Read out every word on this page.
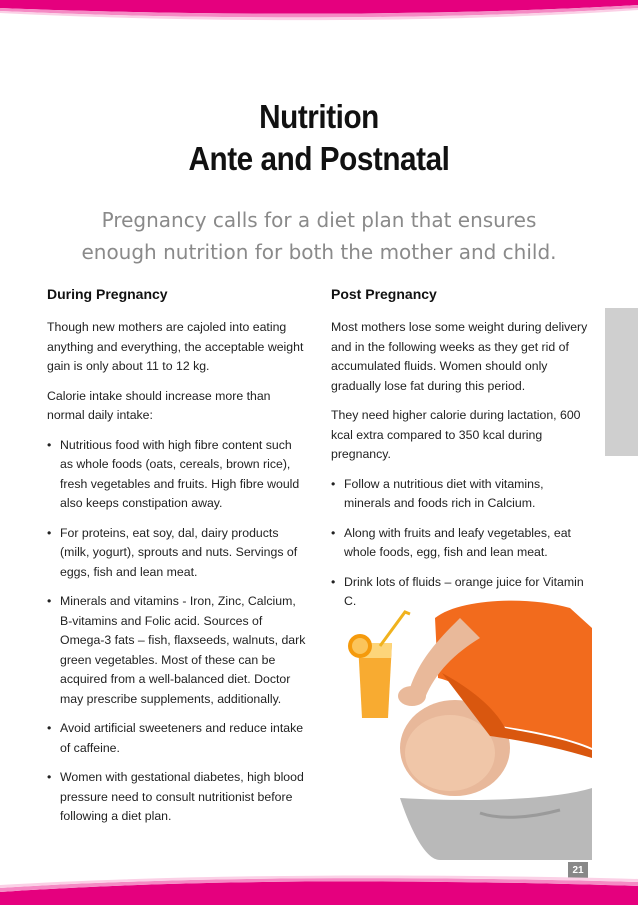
Nutrition
Ante and Postnatal
Pregnancy calls for a diet plan that ensures
enough nutrition for both the mother and child.
During Pregnancy

Though new mothers are cajoled into eating anything and everything, the acceptable weight gain is only about 11 to 12 kg.

Calorie intake should increase more than normal daily intake:

• Nutritious food with high fibre content such as whole foods (oats, cereals, brown rice), fresh vegetables and fruits. High fibre would also keeps constipation away.
• For proteins, eat soy, dal, dairy products (milk, yogurt), sprouts and nuts. Servings of eggs, fish and lean meat.
• Minerals and vitamins - Iron, Zinc, Calcium, B-vitamins and Folic acid. Sources of Omega-3 fats – fish, flaxseeds, walnuts, dark green vegetables. Most of these can be acquired from a well-balanced diet. Doctor may prescribe supplements, additionally.
• Avoid artificial sweeteners and reduce intake of caffeine.
• Women with gestational diabetes, high blood pressure need to consult nutritionist before following a diet plan.
Post Pregnancy

Most mothers lose some weight during delivery and in the following weeks as they get rid of accumulated fluids. Women should only gradually lose fat during this period.

They need higher calorie during lactation, 600 kcal extra compared to 350 kcal during pregnancy.

• Follow a nutritious diet with vitamins, minerals and foods rich in Calcium.
• Along with fruits and leafy vegetables, eat whole foods, egg, fish and lean meat.
• Drink lots of fluids – orange juice for Vitamin C.
21
